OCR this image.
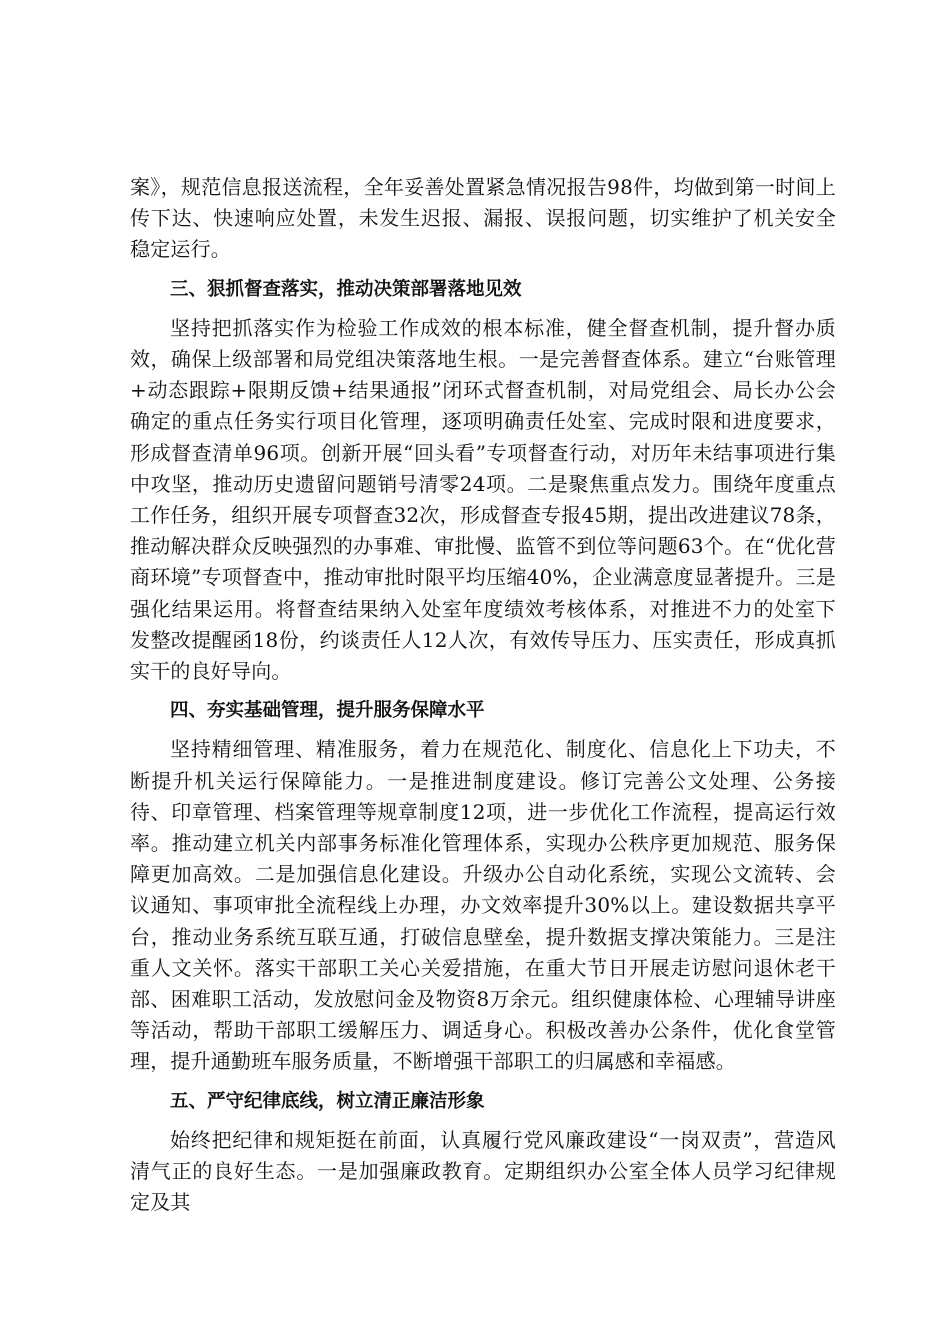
案》，规范信息报送流程，全年妥善处置紧急情况报告98件，均做到第一时间上传下达、快速响应处置，未发生迟报、漏报、误报问题，切实维护了机关安全稳定运行。

三、狠抓督查落实，推动决策部署落地见效

坚持把抓落实作为检验工作成效的根本标准，健全督查机制，提升督办质效，确保上级部署和局党组决策落地生根。一是完善督查体系。建立“台账管理+动态跟踪+限期反馈+结果通报”闭环式督查机制，对局党组会、局长办公会确定的重点任务实行项目化管理，逐项明确责任处室、完成时限和进度要求，形成督查清单96项。创新开展“回头看”专项督查行动，对历年未结事项进行集中攻坚，推动历史遗留问题销号清零24项。二是聚焦重点发力。围绕年度重点工作任务，组织开展专项督查32次，形成督查专报45期，提出改进建议78条，推动解决群众反映强烈的办事难、审批慢、监管不到位等问题63个。在“优化营商环境”专项督查中，推动审批时限平均压缩40%，企业满意度显著提升。三是强化结果运用。将督查结果纳入处室年度绩效考核体系，对推进不力的处室下发整改提醒函18份，约谈责任人12人次，有效传导压力、压实责任，形成真抓实干的良好导向。

四、夯实基础管理，提升服务保障水平

坚持精细管理、精准服务，着力在规范化、制度化、信息化上下功夫，不断提升机关运行保障能力。一是推进制度建设。修订完善公文处理、公务接待、印章管理、档案管理等规章制度12项，进一步优化工作流程，提高运行效率。推动建立机关内部事务标准化管理体系，实现办公秩序更加规范、服务保障更加高效。二是加强信息化建设。升级办公自动化系统，实现公文流转、会议通知、事项审批全流程线上办理，办文效率提升30%以上。建设数据共享平台，推动业务系统互联互通，打破信息壁垒，提升数据支撑决策能力。三是注重人文关怀。落实干部职工关心关爱措施，在重大节日开展走访慰问退休老干部、困难职工活动，发放慰问金及物资8万余元。组织健康体检、心理辅导讲座等活动，帮助干部职工缓解压力、调适身心。积极改善办公条件，优化食堂管理，提升通勤班车服务质量，不断增强干部职工的归属感和幸福感。

五、严守纪律底线，树立清正廉洁形象

始终把纪律和规矩挺在前面，认真履行党风廉政建设“一岗双责”，营造风清气正的良好生态。一是加强廉政教育。定期组织办公室全体人员学习纪律规定及其
